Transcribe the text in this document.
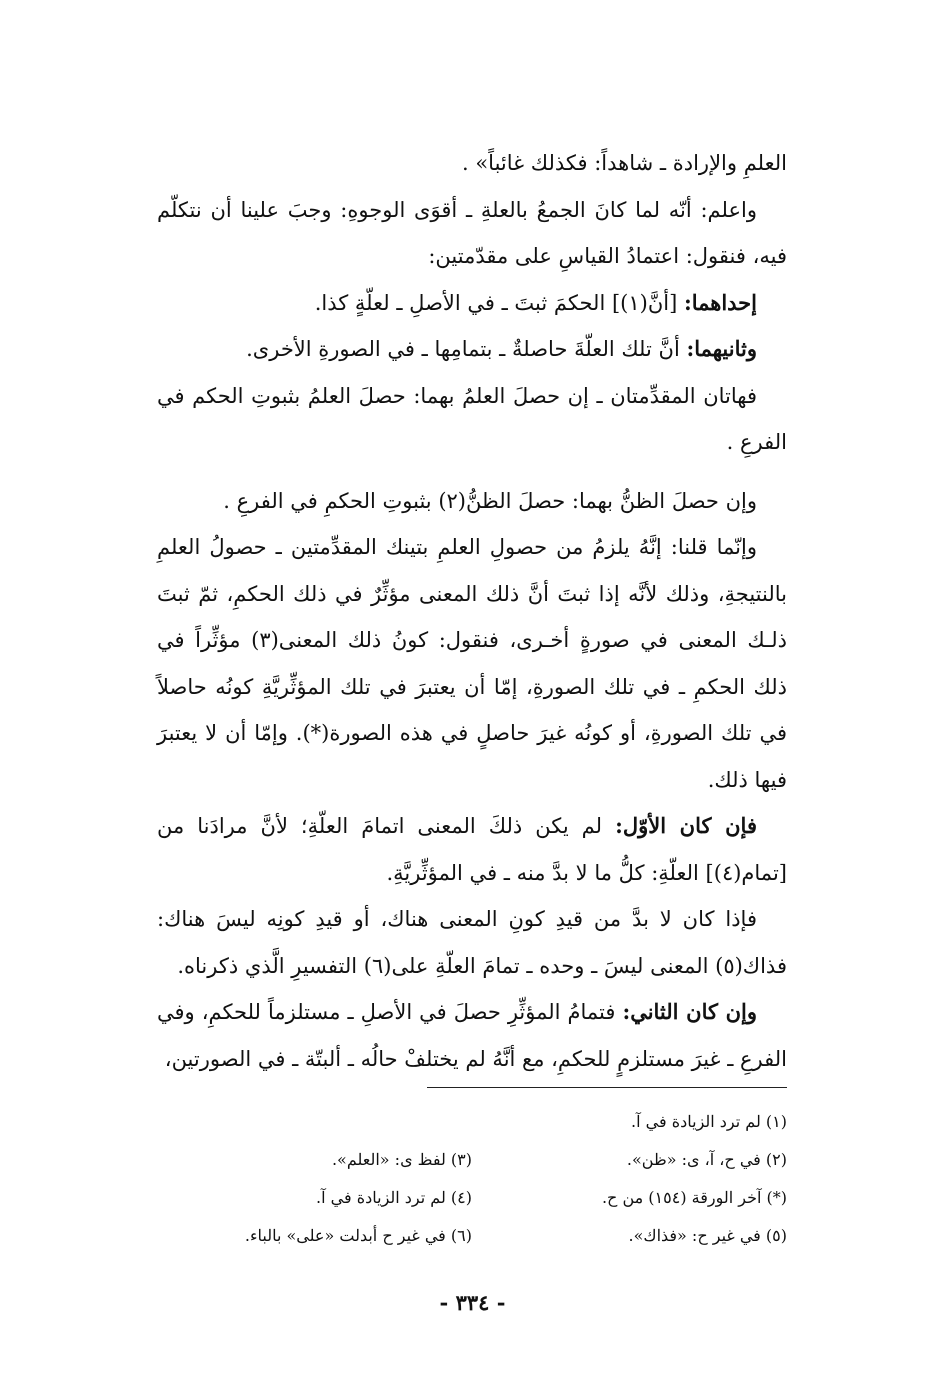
العلمِ والإرادة ـ شاهداً: فكذلك غائباً» .

واعلم: أنّه لما كانَ الجمعُ بالعلةِ ـ أقوَى الوجوهِ: وجبَ علينا أن نتكلّم فيه، فنقول: اعتمادُ القياسِ على مقدّمتين:

إحداهما: [أنَّ(١)] الحكمَ ثبتَ ـ في الأصلِ ـ لعلّةٍ كذا.

وثانيهما: أنَّ تلك العلّةَ حاصلةٌ ـ بتمامِها ـ في الصورةِ الأخرى.

فهاتان المقدِّمتان ـ إن حصلَ العلمُ بهما: حصلَ العلمُ بثبوتِ الحكم في الفرعِ .

وإن حصلَ الظنُّ بهما: حصلَ الظنُّ(٢) بثبوتِ الحكمِ في الفرعِ .

وإنّما قلنا: إنَّهُ يلزمُ من حصولِ العلمِ بتينك المقدِّمتين ـ حصولُ العلمِ بالنتيجةِ، وذلك لأنَّه إذا ثبتَ أنَّ ذلك المعنى مؤثِّرٌ في ذلك الحكمِ، ثمّ ثبتَ ذلـك المعنى في صورةٍ أخـرى، فنقول: كونُ ذلك المعنى(٣) مؤثِّراً في ذلك الحكمِ ـ في تلك الصورةِ، إمّا أن يعتبرَ في تلك المؤثِّريَّةِ كونُه حاصلاً في تلك الصورةِ، أو كونُه غيرَ حاصلٍ في هذه الصورة(*). وإمّا أن لا يعتبرَ فيها ذلك.

فإن كان الأوّل: لم يكن ذلكَ المعنى اتمامَ العلّةِ؛ لأنَّ مرادَنا من [تمام(٤)] العلّةِ: كلُّ ما لا بدَّ منه ـ في المؤثِّريَّةِ.

فإذا كان لا بدَّ من قيدِ كونِ المعنى هناك، أو قيدِ كونِه ليسَ هناك: فذاك(٥) المعنى ليسَ ـ وحده ـ تمامَ العلّةِ على(٦) التفسيرِ الَّذي ذكرناه.

وإن كان الثاني: فتمامُ المؤثِّرِ حصلَ في الأصلِ ـ مستلزماً للحكمِ، وفي الفرعِ ـ غيرَ مستلزمٍ للحكمِ، مع أنَّهُ لم يختلفْ حالُه ـ ألبتّة ـ في الصورتين،

(١) لم ترد الزيادة في آ.
(٢) في ح، آ، ى: «ظن».
(٣) لفظ ى: «العلم».
(*) آخر الورقة (١٥٤) من ح.
(٤) لم ترد الزيادة في آ.
(٥) في غير ح: «فذاك».
(٦) في غير ح أبدلت «على» بالباء.
- ٣٣٤ -
